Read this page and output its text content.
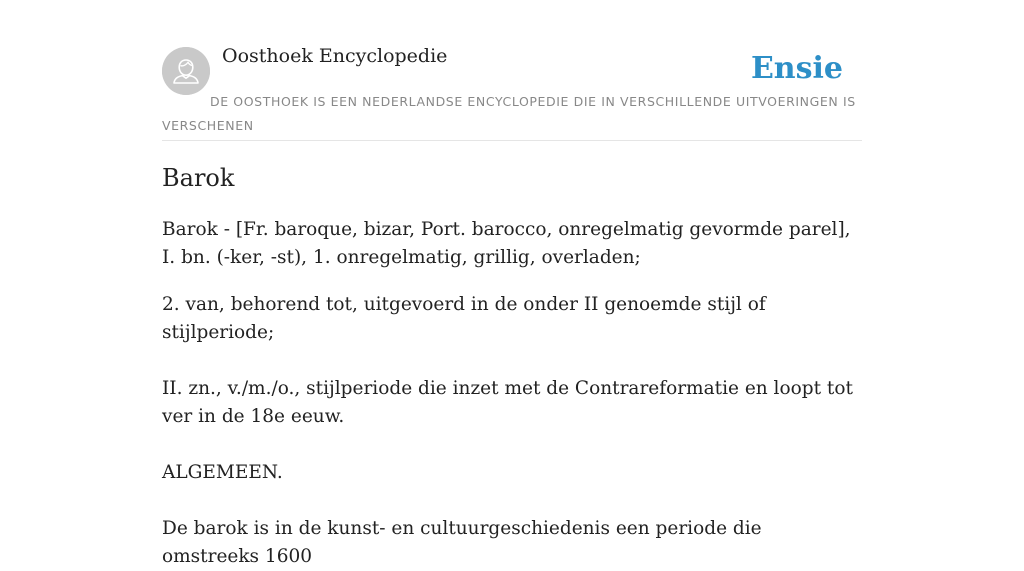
Oosthoek Encyclopedie	Ensie
DE OOSTHOEK IS EEN NEDERLANDSE ENCYCLOPEDIE DIE IN VERSCHILLENDE UITVOERINGEN IS VERSCHENEN
Barok

Barok - [Fr. baroque, bizar, Port. barocco, onregelmatig gevormde parel], I. bn. (-ker, -st), 1. onregelmatig, grillig, overladen;

2. van, behorend tot, uitgevoerd in de onder II genoemde stijl of stijlperiode;

II. zn., v./m./o., stijlperiode die inzet met de Contrareformatie en loopt tot ver in de 18e eeuw.

ALGEMEEN.

De barok is in de kunst- en cultuurgeschiedenis een periode die omstreeks 1600
